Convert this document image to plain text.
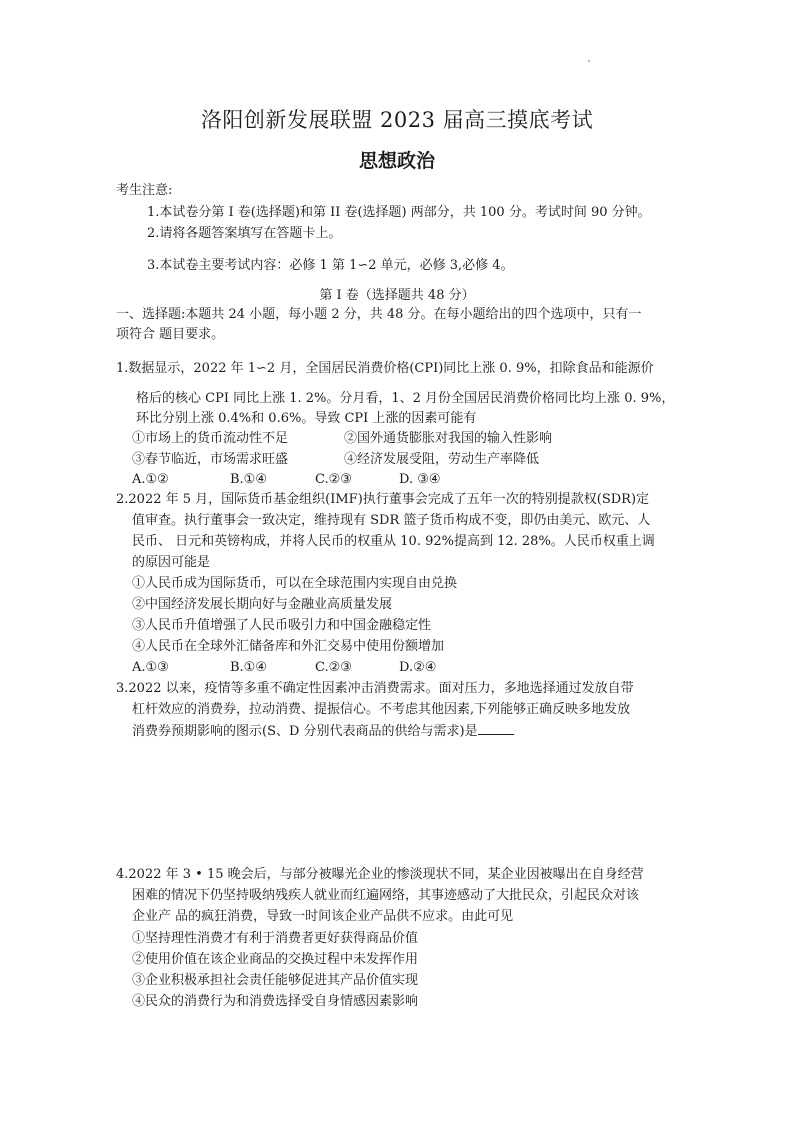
洛阳创新发展联盟 2023 届高三摸底考试
思想政治
考生注意:
1.本试卷分第 I 卷(选择题)和第 II 卷(选择题) 两部分，共 100 分。考试时间 90 分钟。
2.请将各题答案填写在答题卡上。
3.本试卷主要考试内容：必修 1 第 1∽2 单元，必修 3,必修 4。
第 I 卷（选择题共 48 分）
一、选择题:本题共 24 小题，每小题 2 分，共 48 分。在每小题给出的四个选项中，只有一
项符合 题目要求。
1.数据显示，2022 年 1∽2 月，全国居民消费价格(CPI)同比上涨 0. 9%，扣除食品和能源价
格后的核心 CPI 同比上涨 1. 2%。分月看，1、2 月份全国居民消费价格同比均上涨 0. 9%，
环比分别上涨 0.4%和 0.6%。导致 CPI 上涨的因素可能有
①市场上的货币流动性不足	②国外通货膨胀对我国的输入性影响
③春节临近，市场需求旺盛	④经济发展受阻，劳动生产率降低
A.①②	B.①④	C.②③	D. ③④
2.2022 年 5 月，国际货币基金组织(IMF)执行董事会完成了五年一次的特别提款权(SDR)定
值审查。执行董事会一致决定，维持现有 SDR 篮子货币构成不变，即仍由美元、欧元、人
民币、 日元和英镑构成，并将人民币的权重从 10. 92%提高到 12. 28%。人民币权重上调
的原因可能是
①人民币成为国际货币，可以在全球范围内实现自由兑换
②中国经济发展长期向好与金融业高质量发展
③人民币升值增强了人民币吸引力和中国金融稳定性
④人民币在全球外汇储备库和外汇交易中使用份额增加
A.①③	B.①④	C.②③	D.②④
3.2022 以来，疫情等多重不确定性因素冲击消费需求。面对压力，多地选择通过发放自带
杠杆效应的消费券，拉动消费、提振信心。不考虑其他因素,下列能够正确反映多地发放
消费券预期影响的图示(S、D 分别代表商品的供给与需求)是
4.2022 年 3 • 15 晚会后，与部分被曝光企业的惨淡现状不同，某企业因被曝出在自身经营
困难的情况下仍坚持吸纳残疾人就业而红遍网络，其事迹感动了大批民众，引起民众对该
企业产 品的疯狂消费，导致一时间该企业产品供不应求。由此可见
①坚持理性消费才有利于消费者更好获得商品价值
②使用价值在该企业商品的交换过程中未发挥作用
③企业积极承担社会责任能够促进其产品价值实现
④民众的消费行为和消费选择受自身情感因素影响
